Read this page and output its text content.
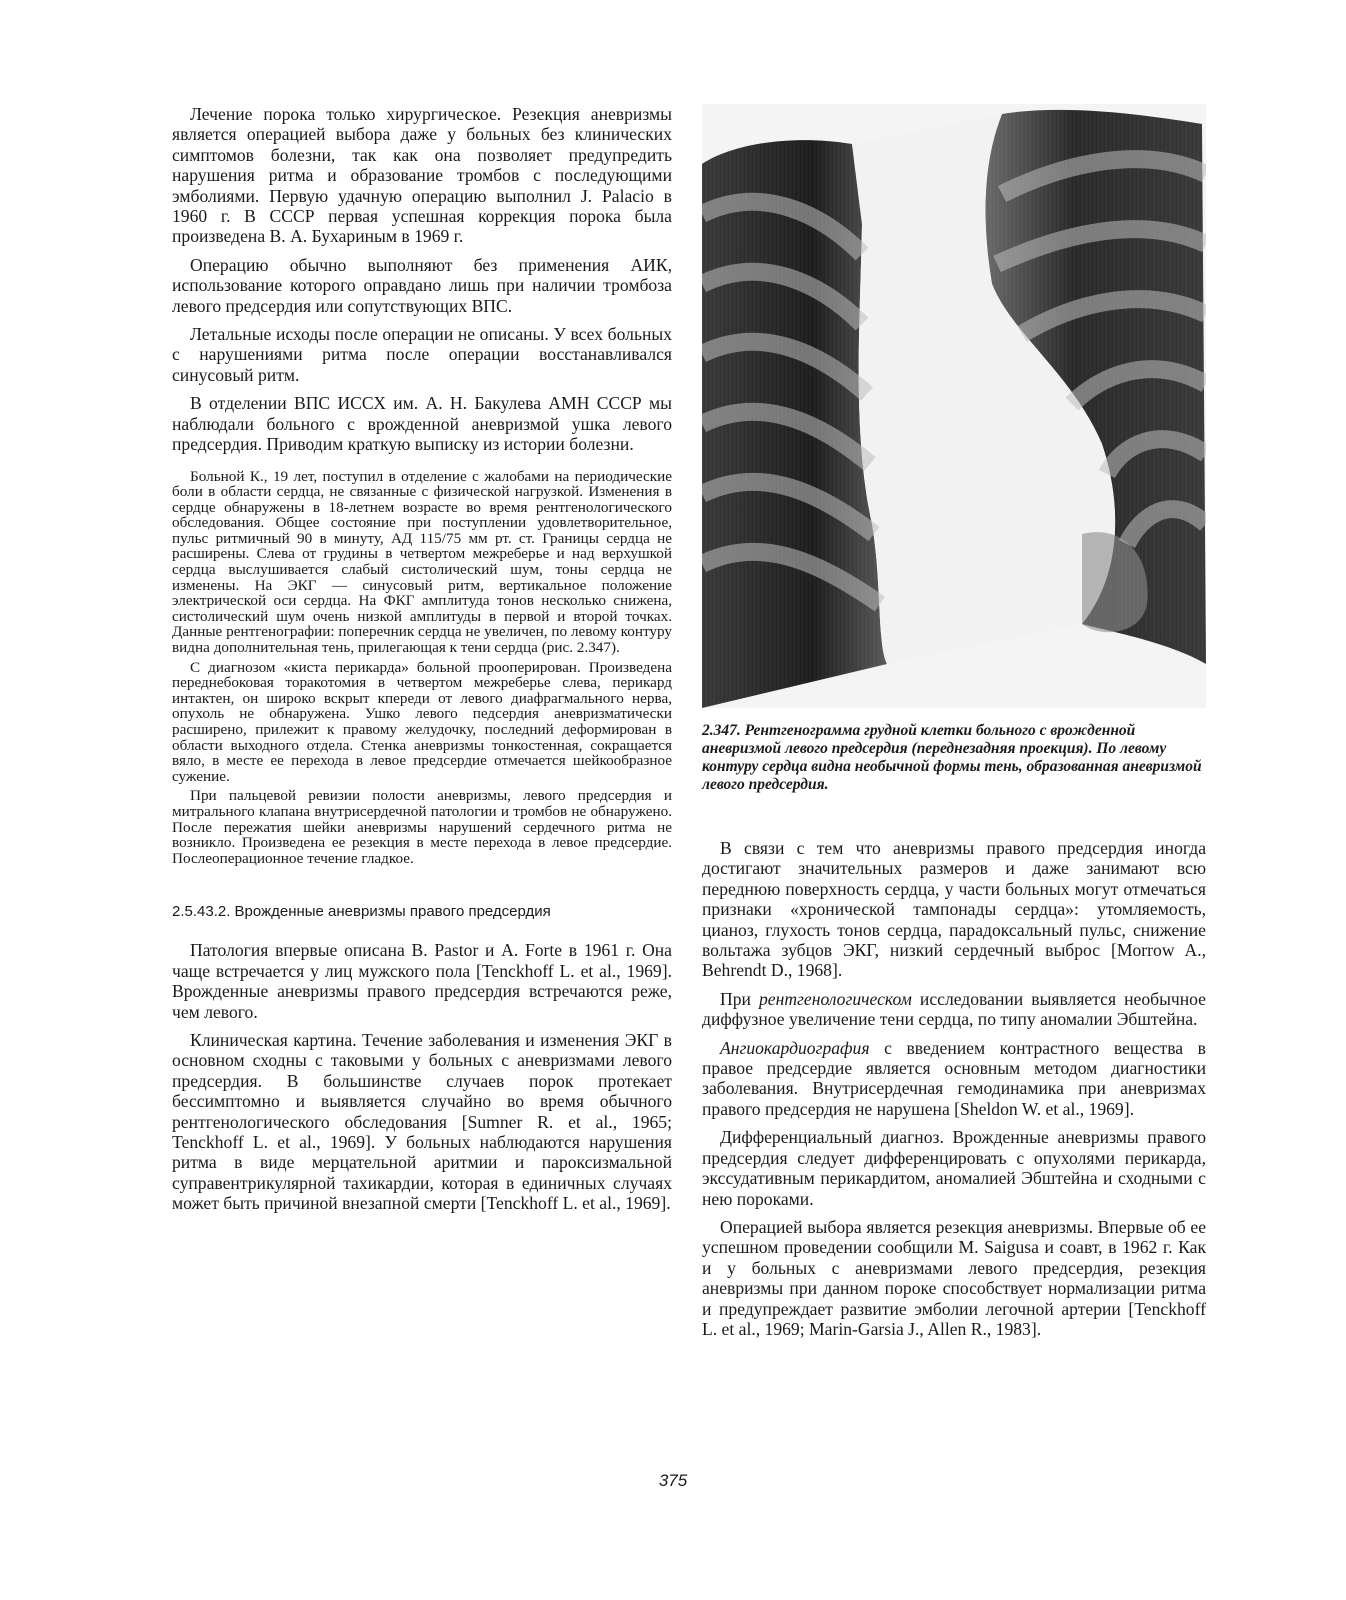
Лечение порока только хирургическое. Резекция аневризмы является операцией выбора даже у больных без клинических симптомов болезни, так как она позволяет предупредить нарушения ритма и образование тромбов с последующими эмболиями. Первую удачную операцию выполнил J. Palacio в 1960 г. В СССР первая успешная коррекция порока была произведена В. А. Бухариным в 1969 г.

Операцию обычно выполняют без применения АИК, использование которого оправдано лишь при наличии тромбоза левого предсердия или сопутствующих ВПС.

Летальные исходы после операции не описаны. У всех больных с нарушениями ритма после операции восстанавливался синусовый ритм.

В отделении ВПС ИССХ им. А. Н. Бакулева АМН СССР мы наблюдали больного с врожденной аневризмой ушка левого предсердия. Приводим краткую выписку из истории болезни.

Больной К., 19 лет, поступил в отделение с жалобами на периодические боли в области сердца, не связанные с физической нагрузкой. Изменения в сердце обнаружены в 18-летнем возрасте во время рентгенологического обследования. Общее состояние при поступлении удовлетворительное, пульс ритмичный 90 в минуту, АД 115/75 мм рт. ст. Границы сердца не расширены. Слева от грудины в четвертом межреберье и над верхушкой сердца выслушивается слабый систолический шум, тоны сердца не изменены. На ЭКГ — синусовый ритм, вертикальное положение электрической оси сердца. На ФКГ амплитуда тонов несколько снижена, систолический шум очень низкой амплитуды в первой и второй точках. Данные рентгенографии: поперечник сердца не увеличен, по левому контуру видна дополнительная тень, прилегающая к тени сердца (рис. 2.347).

С диагнозом «киста перикарда» больной прооперирован. Произведена переднебоковая торакотомия в четвертом межреберье слева, перикард интактен, он широко вскрыт кпереди от левого диафрагмального нерва, опухоль не обнаружена. Ушко левого педсердия аневризматически расширено, прилежит к правому желудочку, последний деформирован в области выходного отдела. Стенка аневризмы тонкостенная, сокращается вяло, в месте ее перехода в левое предсердие отмечается шейкообразное сужение.

При пальцевой ревизии полости аневризмы, левого предсердия и митрального клапана внутрисердечной патологии и тромбов не обнаружено. После пережатия шейки аневризмы нарушений сердечного ритма не возникло. Произведена ее резекция в месте перехода в левое предсердие. Послеоперационное течение гладкое.

2.5.43.2. Врожденные аневризмы правого предсердия

Патология впервые описана В. Pastor и A. Forte в 1961 г. Она чаще встречается у лиц мужского пола [Tenckhoff L. et al., 1969]. Врожденные аневризмы правого предсердия встречаются реже, чем левого.

Клиническая картина. Течение заболевания и изменения ЭКГ в основном сходны с таковыми у больных с аневризмами левого предсердия. В большинстве случаев порок протекает бессимптомно и выявляется случайно во время обычного рентгенологического обследования [Sumner R. et al., 1965; Tenckhoff L. et al., 1969]. У больных наблюдаются нарушения ритма в виде мерцательной аритмии и пароксизмальной суправентрикулярной тахикардии, которая в единичных случаях может быть причиной внезапной смерти [Tenckhoff L. et al., 1969].

2.347. Рентгенограмма грудной клетки больного с врожденной аневризмой левого предсердия (переднезадняя проекция). По левому контуру сердца видна необычной формы тень, образованная аневризмой левого предсердия.

В связи с тем что аневризмы правого предсердия иногда достигают значительных размеров и даже занимают всю переднюю поверхность сердца, у части больных могут отмечаться признаки «хронической тампонады сердца»: утомляемость, цианоз, глухость тонов сердца, парадоксальный пульс, снижение вольтажа зубцов ЭКГ, низкий сердечный выброс [Morrow A., Behrendt D., 1968].

При рентгенологическом исследовании выявляется необычное диффузное увеличение тени сердца, по типу аномалии Эбштейна.

Ангиокардиография с введением контрастного вещества в правое предсердие является основным методом диагностики заболевания. Внутрисердечная гемодинамика при аневризмах правого предсердия не нарушена [Sheldon W. et al., 1969].

Дифференциальный диагноз. Врожденные аневризмы правого предсердия следует дифференцировать с опухолями перикарда, экссудативным перикардитом, аномалией Эбштейна и сходными с нею пороками.

Операцией выбора является резекция аневризмы. Впервые об ее успешном проведении сообщили M. Saigusa и соавт, в 1962 г. Как и у больных с аневризмами левого предсердия, резекция аневризмы при данном пороке способствует нормализации ритма и предупреждает развитие эмболии легочной артерии [Tenckhoff L. et al., 1969; Marin-Garsia J., Allen R., 1983].

375
